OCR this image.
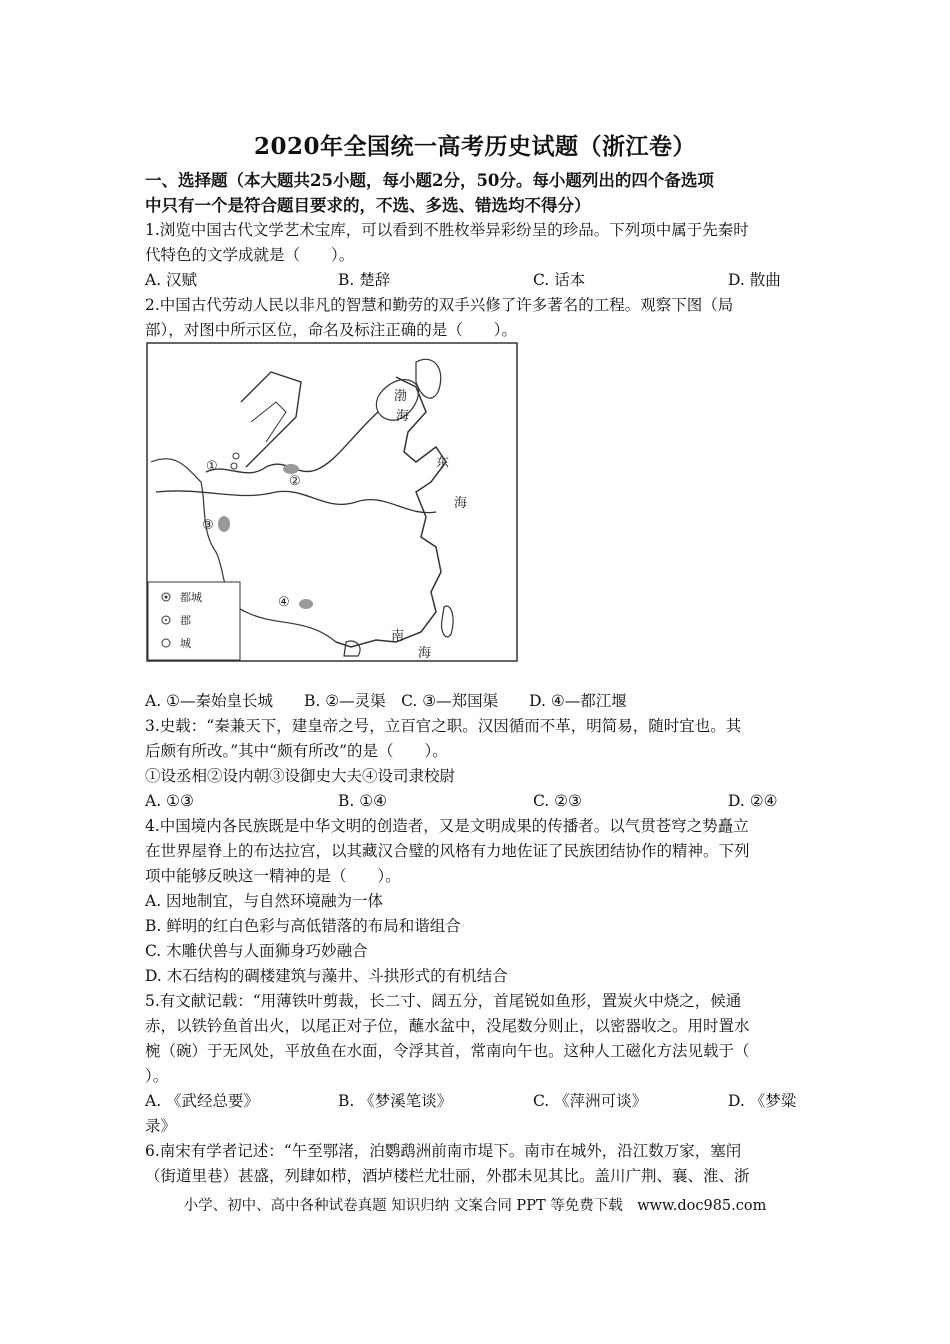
2020年全国统一高考历史试题（浙江卷）
一、选择题（本大题共25小题，每小题2分，50分。每小题列出的四个备选项
中只有一个是符合题目要求的，不选、多选、错选均不得分）
1.浏览中国古代文学艺术宝库，可以看到不胜枚举异彩纷呈的珍品。下列项中属于先秦时
代特色的文学成就是（　　）。
A. 汉赋	B. 楚辞	C. 话本	D. 散曲
2.中国古代劳动人民以非凡的智慧和勤劳的双手兴修了许多著名的工程。观察下图（局
部），对图中所示区位，命名及标注正确的是（　　）。
①
②
③
④
渤
海
东
海
南
海
都城
郡
城
A. ①—秦始皇长城　　B. ②—灵渠　C. ③—郑国渠　　D. ④—都江堰
3.史载：“秦兼天下，建皇帝之号，立百官之职。汉因循而不革，明简易，随时宜也。其
后颇有所改。”其中“颇有所改”的是（　　）。
①设丞相②设内朝③设御史大夫④设司隶校尉
A. ①③	B. ①④	C. ②③	D. ②④
4.中国境内各民族既是中华文明的创造者，又是文明成果的传播者。以气贯苍穹之势矗立
在世界屋脊上的布达拉宫，以其藏汉合璧的风格有力地佐证了民族团结协作的精神。下列
项中能够反映这一精神的是（　　）。
A. 因地制宜，与自然环境融为一体
B. 鲜明的红白色彩与高低错落的布局和谐组合
C. 木雕伏兽与人面狮身巧妙融合
D. 木石结构的碉楼建筑与藻井、斗拱形式的有机结合
5.有文献记载：“用薄铁叶剪裁，长二寸、阔五分，首尾锐如鱼形，置炭火中烧之，候通
赤，以铁钤鱼首出火，以尾正对子位，蘸水盆中，没尾数分则止，以密器收之。用时置水
椀（碗）于无风处，平放鱼在水面，令浮其首，常南向午也。这种人工磁化方法见载于（
）。
A. 《武经总要》	B. 《梦溪笔谈》	C. 《萍洲可谈》	D. 《梦粱
录》
6.南宋有学者记述：“午至鄂渚，泊鹦鹉洲前南市堤下。南市在城外，沿江数万家，塞闬
（街道里巷）甚盛，列肆如栉，酒垆楼栏尤壮丽，外郡未见其比。盖川广荆、襄、淮、浙
小学、初中、高中各种试卷真题 知识归纳 文案合同 PPT 等免费下载　www.doc985.com
